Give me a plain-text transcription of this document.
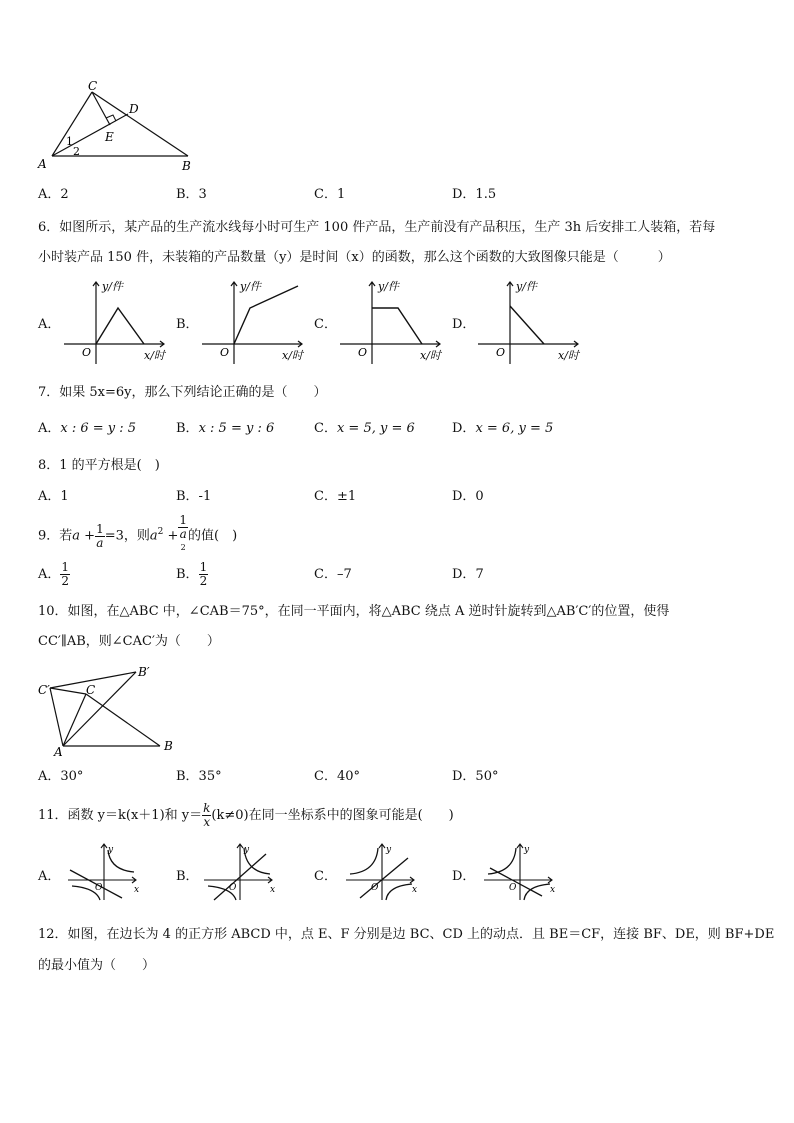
C
D
E
A	B
1
2
A．2	B．3	C．1	D．1.5
6．如图所示，某产品的生产流水线每小时可生产 100 件产品，生产前没有产品积压，生产 3h 后安排工人装箱，若每
小时装产品 150 件，未装箱的产品数量（y）是时间（x）的函数，那么这个函数的大致图像只能是（　　　）
A．	B．	C．	D．
y/件
x/时
O
y/件
x/时
O
y/件
x/时
O
y/件
x/时
O
7．如果 5x=6y，那么下列结论正确的是（　　）
A．x : 6 = y : 5	B．x : 5 = y : 6	C．x = 5, y = 6	D．x = 6, y = 5
8．1 的平方根是(　)
A．1	B．-1	C．±1	D．0
9．若$a + \frac{1}{a} =3$，则$a^2 + 1$
a
$^2$ 的值(　)
A． $\frac{1}{2}$	B． $\frac{1}{2}$	C．–7	D．7
10．如图，在△ABC 中，∠CAB＝75°，在同一平面内，将△ABC 绕点 A 逆时针旋转到△AB′C′的位置，使得
CC′∥AB，则∠CAC′为（　　）
C′
B′
C
A	B
A．30°	B．35°	C．40°	D．50°
11．函数 y＝k(x＋1)和 $y= \frac{k}{x} (k\ne 0)$在同一坐标系中的图象可能是(　　)
A．	B．	C．	D．
y
x
O
y
x
O
y
x
O
y
x
O
12．如图，在边长为 4 的正方形 ABCD 中，点 E、F 分别是边 BC、CD 上的动点．且 BE＝CF，连接 BF、DE，则 BF+DE
的最小值为（　　）
